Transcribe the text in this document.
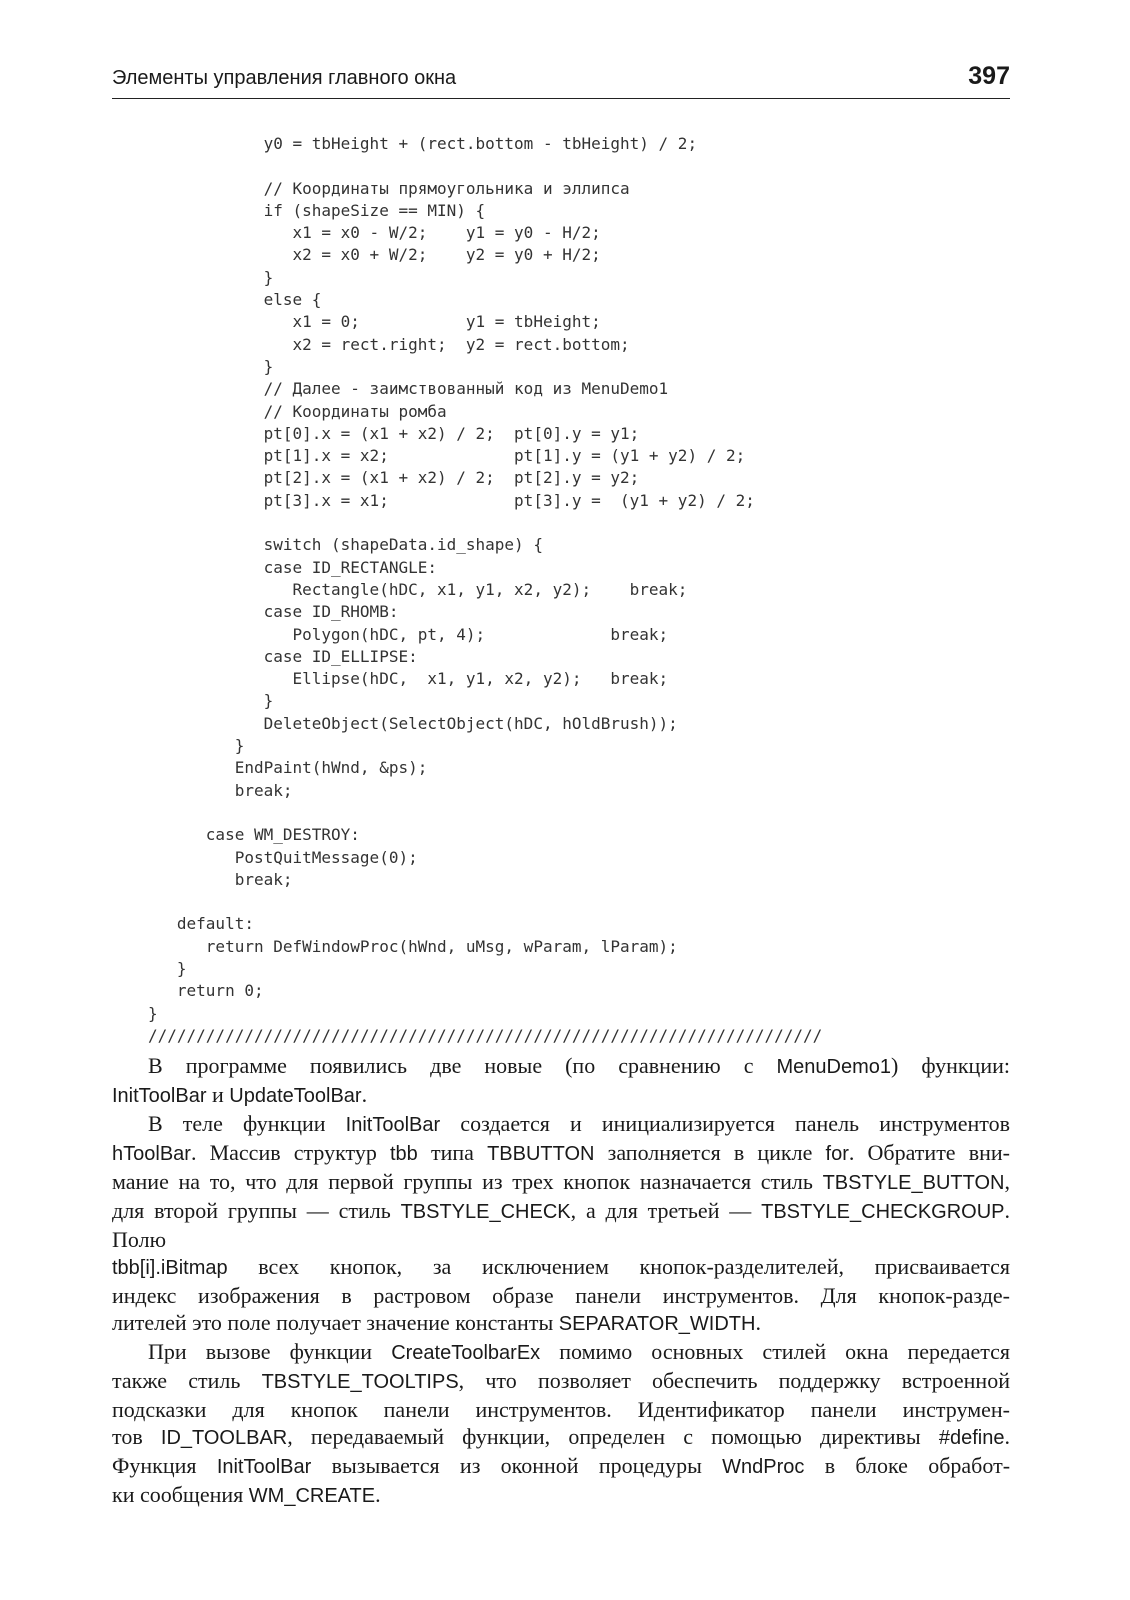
Элементы управления главного окна	397
y0 = tbHeight + (rect.bottom - tbHeight) / 2;
// Координаты прямоугольника и эллипса
if (shapeSize == MIN) {
x1 = x0 - W/2;    y1 = y0 - H/2;
x2 = x0 + W/2;    y2 = y0 + H/2;
}
else {
x1 = 0;           y1 = tbHeight;
x2 = rect.right;  y2 = rect.bottom;
}
// Далее - заимствованный код из MenuDemo1
// Координаты ромба
pt[0].x = (x1 + x2) / 2;  pt[0].y = y1;
pt[1].x = x2;             pt[1].y = (y1 + y2) / 2;
pt[2].x = (x1 + x2) / 2;  pt[2].y = y2;
pt[3].x = x1;             pt[3].y =  (y1 + y2) / 2;
switch (shapeData.id_shape) {
case ID_RECTANGLE:
Rectangle(hDC, x1, y1, x2, y2);    break;
case ID_RHOMB:
Polygon(hDC, pt, 4);             break;
case ID_ELLIPSE:
Ellipse(hDC,  x1, y1, x2, y2);   break;
}
DeleteObject(SelectObject(hDC, hOldBrush));
}
EndPaint(hWnd, &ps);
break;
case WM_DESTROY:
PostQuitMessage(0);
break;
default:
return DefWindowProc(hWnd, uMsg, wParam, lParam);
}
return 0;
}
//////////////////////////////////////////////////////////////////////

В программе появились две новые (по сравнению с MenuDemo1) функции:
InitToolBar и UpdateToolBar.

В теле функции InitToolBar создается и инициализируется панель инструментов
hToolBar. Массив структур tbb типа TBBUTTON заполняется в цикле for. Обратите вни-
мание на то, что для первой группы из трех кнопок назначается стиль TBSTYLE_BUTTON,
для второй группы — стиль TBSTYLE_CHECK, а для третьей — TBSTYLE_CHECKGROUP. Полю
tbb[i].iBitmap всех кнопок, за исключением кнопок-разделителей, присваивается
индекс изображения в растровом образе панели инструментов. Для кнопок-разде-
лителей это поле получает значение константы SEPARATOR_WIDTH.

При вызове функции CreateToolbarEx помимо основных стилей окна передается
также стиль TBSTYLE_TOOLTIPS, что позволяет обеспечить поддержку встроенной
подсказки для кнопок панели инструментов. Идентификатор панели инструмен-
тов ID_TOOLBAR, передаваемый функции, определен с помощью директивы #define.
Функция InitToolBar вызывается из оконной процедуры WndProc в блоке обработ-
ки сообщения WM_CREATE.
